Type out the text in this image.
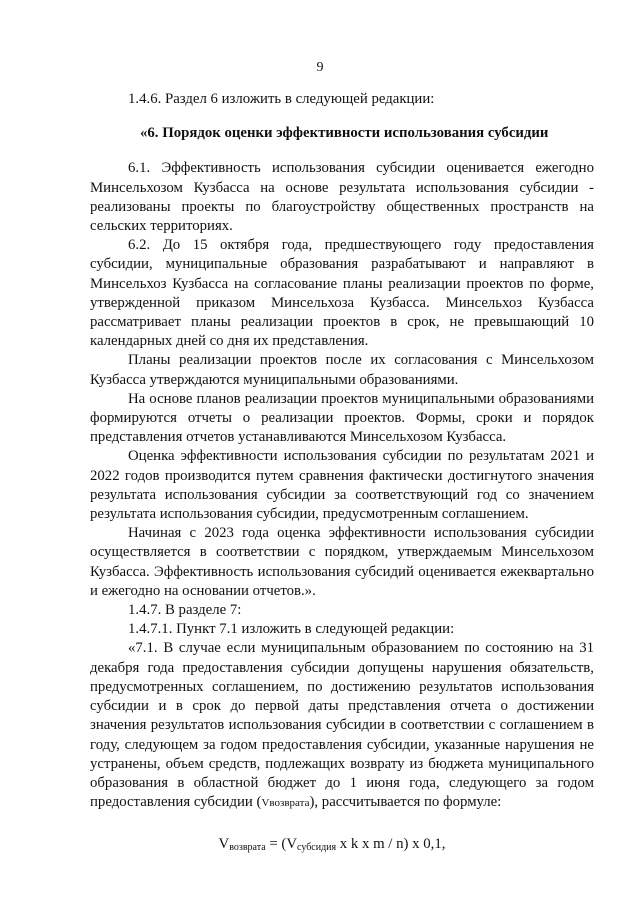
9

1.4.6. Раздел 6 изложить в следующей редакции:

«6. Порядок оценки эффективности использования субсидии

6.1. Эффективность использования субсидии оценивается ежегодно Минсельхозом Кузбасса на основе результата использования субсидии - реализованы проекты по благоустройству общественных пространств на сельских территориях.

6.2. До 15 октября года, предшествующего году предоставления субсидии, муниципальные образования разрабатывают и направляют в Минсельхоз Кузбасса на согласование планы реализации проектов по форме, утвержденной приказом Минсельхоза Кузбасса. Минсельхоз Кузбасса рассматривает планы реализации проектов в срок, не превышающий 10 календарных дней со дня их представления.

Планы реализации проектов после их согласования с Минсельхозом Кузбасса утверждаются муниципальными образованиями.

На основе планов реализации проектов муниципальными образованиями формируются отчеты о реализации проектов. Формы, сроки и порядок представления отчетов устанавливаются Минсельхозом Кузбасса.

Оценка эффективности использования субсидии по результатам 2021 и 2022 годов производится путем сравнения фактически достигнутого значения результата использования субсидии за соответствующий год со значением результата использования субсидии, предусмотренным соглашением.

Начиная с 2023 года оценка эффективности использования субсидии осуществляется в соответствии с порядком, утверждаемым Минсельхозом Кузбасса. Эффективность использования субсидий оценивается ежеквартально и ежегодно на основании отчетов.».

1.4.7. В разделе 7:

1.4.7.1. Пункт 7.1 изложить в следующей редакции:

«7.1. В случае если муниципальным образованием по состоянию на 31 декабря года предоставления субсидии допущены нарушения обязательств, предусмотренных соглашением, по достижению результатов использования субсидии и в срок до первой даты представления отчета о достижении значения результатов использования субсидии в соответствии с соглашением в году, следующем за годом предоставления субсидии, указанные нарушения не устранены, объем средств, подлежащих возврату из бюджета муниципального образования в областной бюджет до 1 июня года, следующего за годом предоставления субсидии (Vвозврата), рассчитывается по формуле:

$V_{возврата} = (V_{субсидия}$ x k x m / n) x 0,1,
